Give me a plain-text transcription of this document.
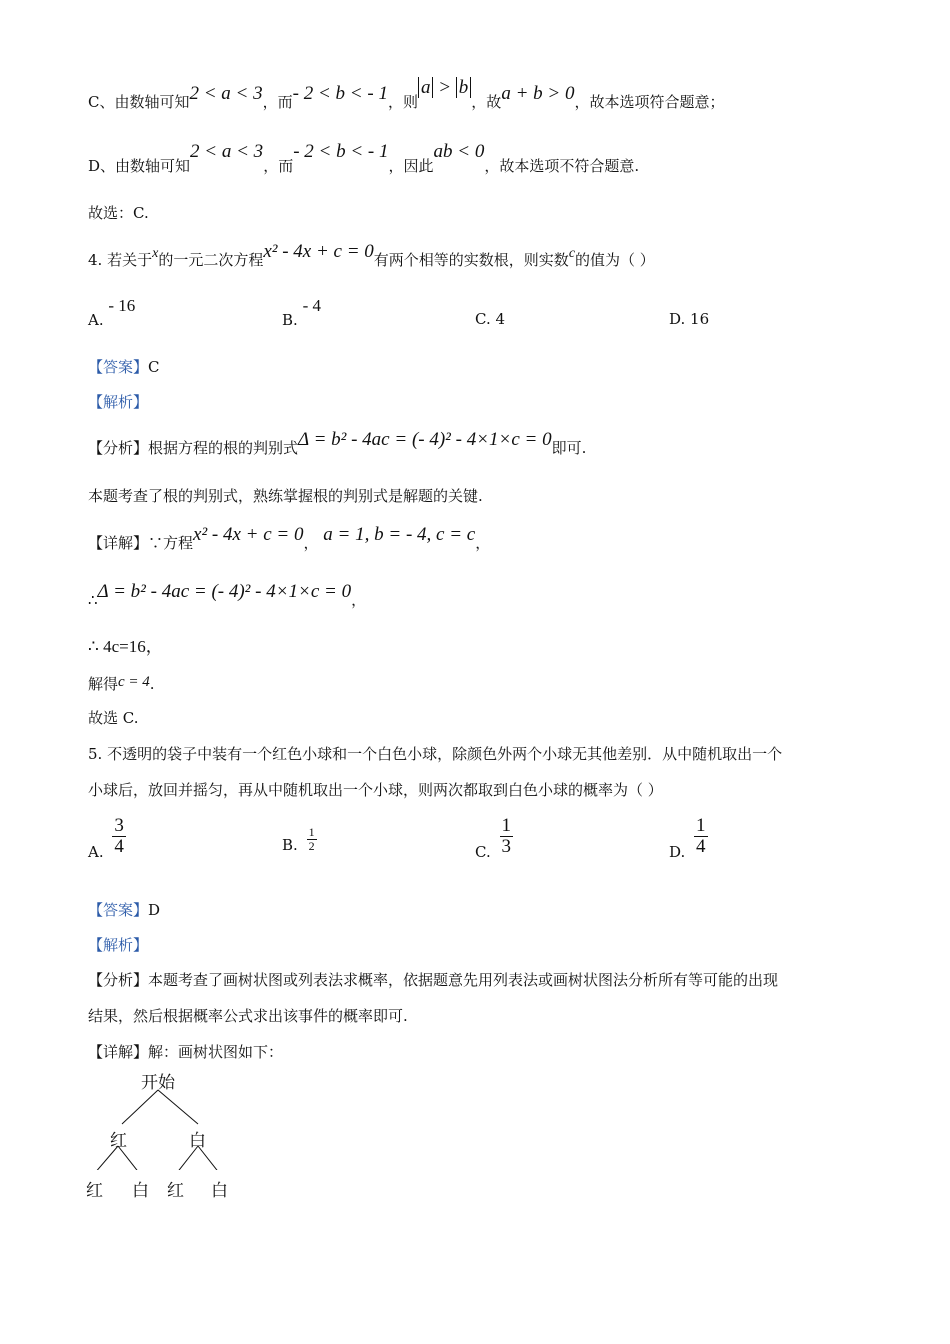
C、由数轴可知2 < a < 3，而- 2 < b < - 1，则a > b，故a + b > 0，故本选项符合题意；
D、由数轴可知2 < a < 3，而- 2 < b < - 1，因此ab < 0，故本选项不符合题意.
故选：C.
4. 若关于x的一元二次方程x² - 4x + c = 0有两个相等的实数根，则实数c的值为（ ）
A. - 16
B. - 4
C. 4	D. 16
【答案】C
【解析】
【分析】根据方程的根的判别式Δ = b² - 4ac = (- 4)² - 4×1×c = 0即可.
本题考查了根的判别式，熟练掌握根的判别式是解题的关键.
【详解】∵方程x² - 4x + c = 0， a = 1, b = - 4, c = c，
∴Δ = b² - 4ac = (- 4)² - 4×1×c = 0，
∴ 4c=16，
解得c = 4.
故选 C.
5. 不透明的袋子中装有一个红色小球和一个白色小球，除颜色外两个小球无其他差别．从中随机取出一个
小球后，放回并摇匀，再从中随机取出一个小球，则两次都取到白色小球的概率为（ ）
A. $\frac{3}{4}$	B. $\frac{1}{2}$	C. $\frac{1}{3}$	D. $\frac{1}{4}$
【答案】D
【解析】
【分析】本题考查了画树状图或列表法求概率，依据题意先用列表法或画树状图法分析所有等可能的出现
结果，然后根据概率公式求出该事件的概率即可.
【详解】解：画树状图如下：
开始
红	白
红 白 红 白
